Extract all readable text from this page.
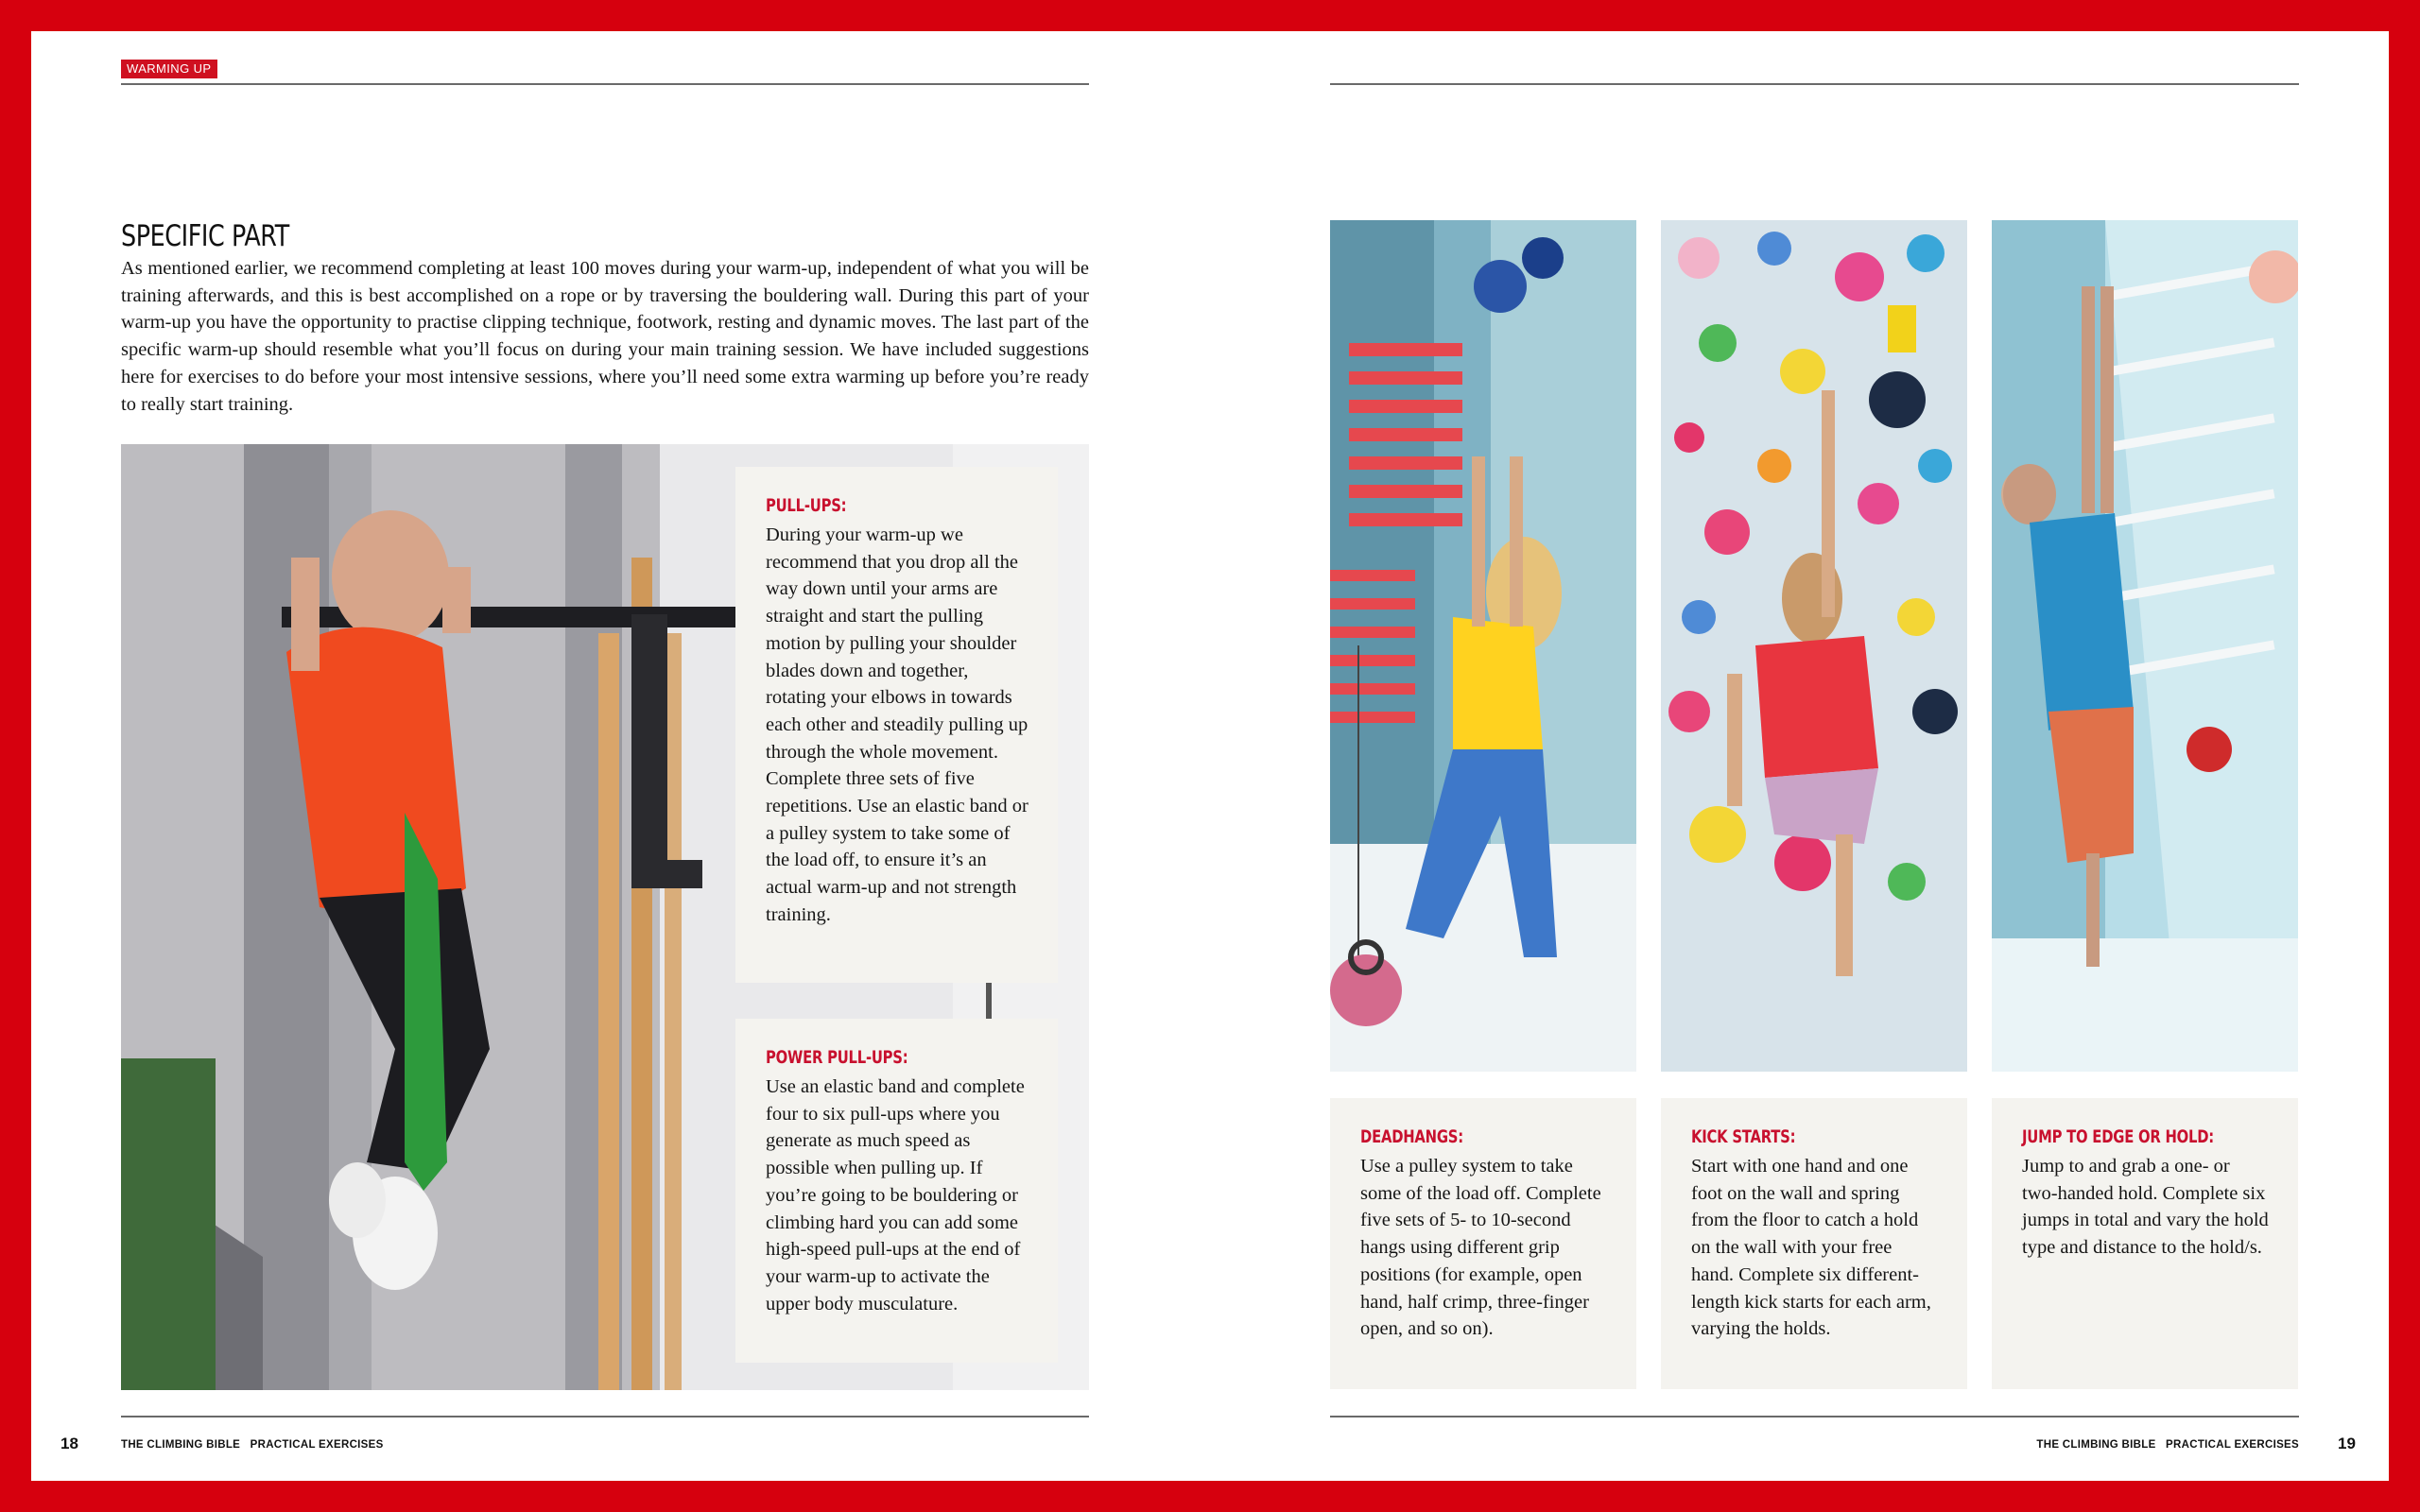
WARMING UP
SPECIFIC PART

As mentioned earlier, we recommend completing at least 100 moves during your warm-up, independent of what you will be training afterwards, and this is best accomplished on a rope or by traversing the bouldering wall. During this part of your warm-up you have the opportunity to practise clipping technique, footwork, resting and dynamic moves. The last part of the specific warm-up should resemble what you’ll focus on during your main training session. We have included suggestions here for exercises to do before your most intensive sessions, where you’ll need some extra warming up before you’re ready to really start training.

PULL-UPS:

During your warm-up we recommend that you drop all the way down until your arms are straight and start the pulling motion by pulling your shoulder blades down and together, rotating your elbows in towards each other and steadily pulling up through the whole movement. Complete three sets of five repetitions. Use an elastic band or a pulley system to take some of the load off, to ensure it’s an actual warm-up and not strength training.

POWER PULL-UPS:

Use an elastic band and complete four to six pull-ups where you generate as much speed as possible when pulling up. If you’re going to be bouldering or climbing hard you can add some high-speed pull-ups at the end of your warm-up to activate the upper body musculature.

DEADHANGS:

Use a pulley system to take some of the load off. Complete five sets of 5- to 10-second hangs using different grip positions (for example, open hand, half crimp, three-finger open, and so on).

KICK STARTS:

Start with one hand and one foot on the wall and spring from the floor to catch a hold on the wall with your free hand. Complete six different-length kick starts for each arm, varying the holds.

JUMP TO EDGE OR HOLD:

Jump to and grab a one- or two-handed hold. Complete six jumps in total and vary the hold type and distance to the hold/s.

18	THE CLIMBING BIBLE   PRACTICAL EXERCISES	THE CLIMBING BIBLE   PRACTICAL EXERCISES 19
